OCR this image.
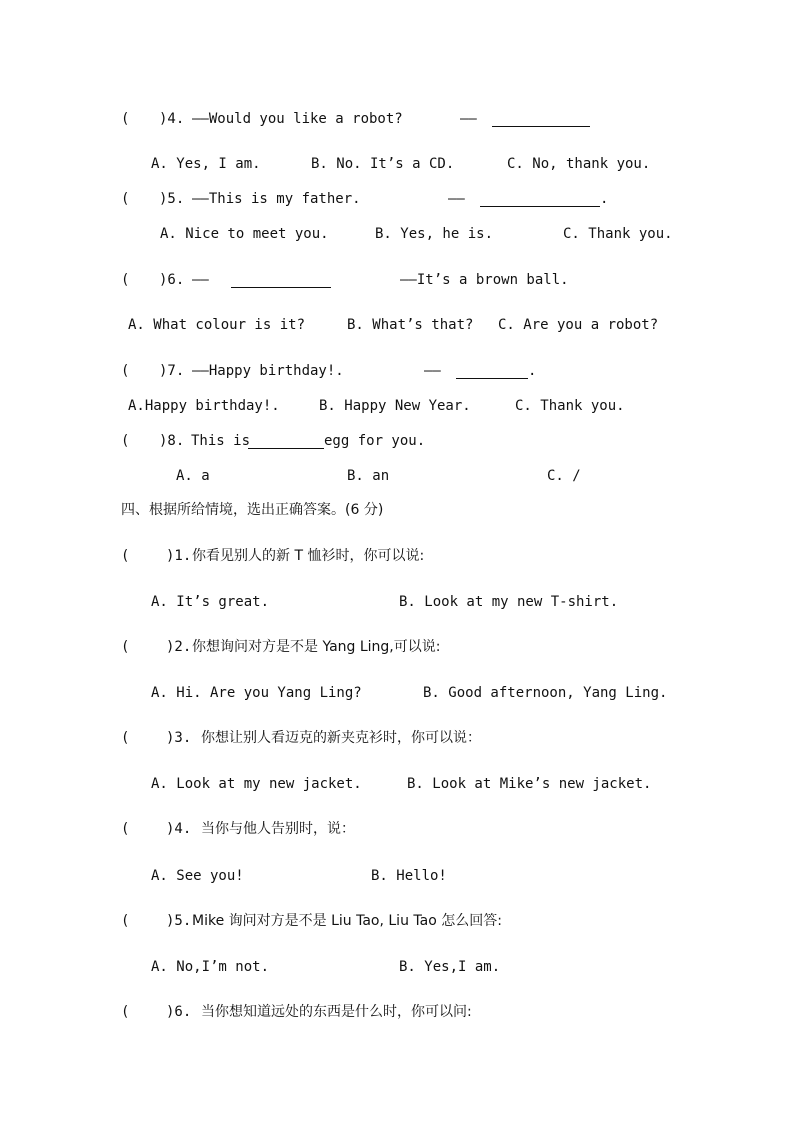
( )4. ——Would you like a robot?	——
A. Yes, I am.	B. No. It’s a CD.	C. No, thank you.
( )5. ——This is my father.	——	.
A. Nice to meet you.	B. Yes, he is.	C. Thank you.
( )6. ——	——It’s a brown ball.
A. What colour is it?	B. What’s that? C. Are you a robot?
( )7. ——Happy birthday!.	——	.
A.Happy birthday!.	B. Happy New Year.	C. Thank you.
( )8. This is	egg for you.
A. a	B. an	C. /
四、根据所给情境，选出正确答案。(6 分)
(	)1. 你看见别人的新 T 恤衫时，你可以说:
A. It’s great.	B. Look at my new T-shirt.
(	)2. 你想询问对方是不是 Yang Ling,可以说:
A. Hi. Are you Yang Ling?	B. Good afternoon, Yang Ling.
(	)3. 你想让别人看迈克的新夹克衫时，你可以说：
A. Look at my new jacket.	B. Look at Mike’s new jacket.
(	)4. 当你与他人告别时，说：
A. See you!	B. Hello!
(	)5. Mike 询问对方是不是 Liu Tao, Liu Tao 怎么回答:
A. No,I’m not.	B. Yes,I am.
(	)6. 当你想知道远处的东西是什么时，你可以问:
